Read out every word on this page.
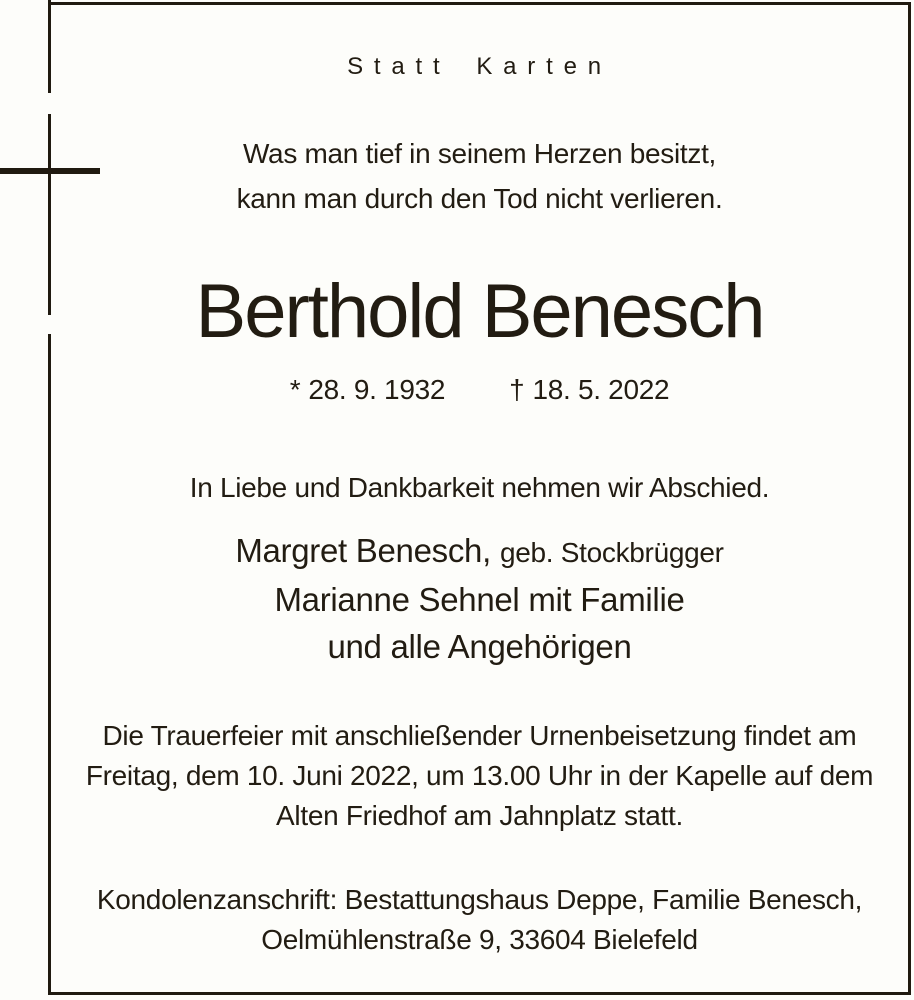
Statt Karten
Was man tief in seinem Herzen besitzt,
kann man durch den Tod nicht verlieren.
Berthold Benesch
* 28. 9. 1932 † 18. 5. 2022
In Liebe und Dankbarkeit nehmen wir Abschied.
Margret Benesch, geb. Stockbrügger
Marianne Sehnel mit Familie
und alle Angehörigen
Die Trauerfeier mit anschließender Urnenbeisetzung findet am
Freitag, dem 10. Juni 2022, um 13.00 Uhr in der Kapelle auf dem
Alten Friedhof am Jahnplatz statt.
Kondolenzanschrift: Bestattungshaus Deppe, Familie Benesch,
Oelmühlenstraße 9, 33604 Bielefeld
